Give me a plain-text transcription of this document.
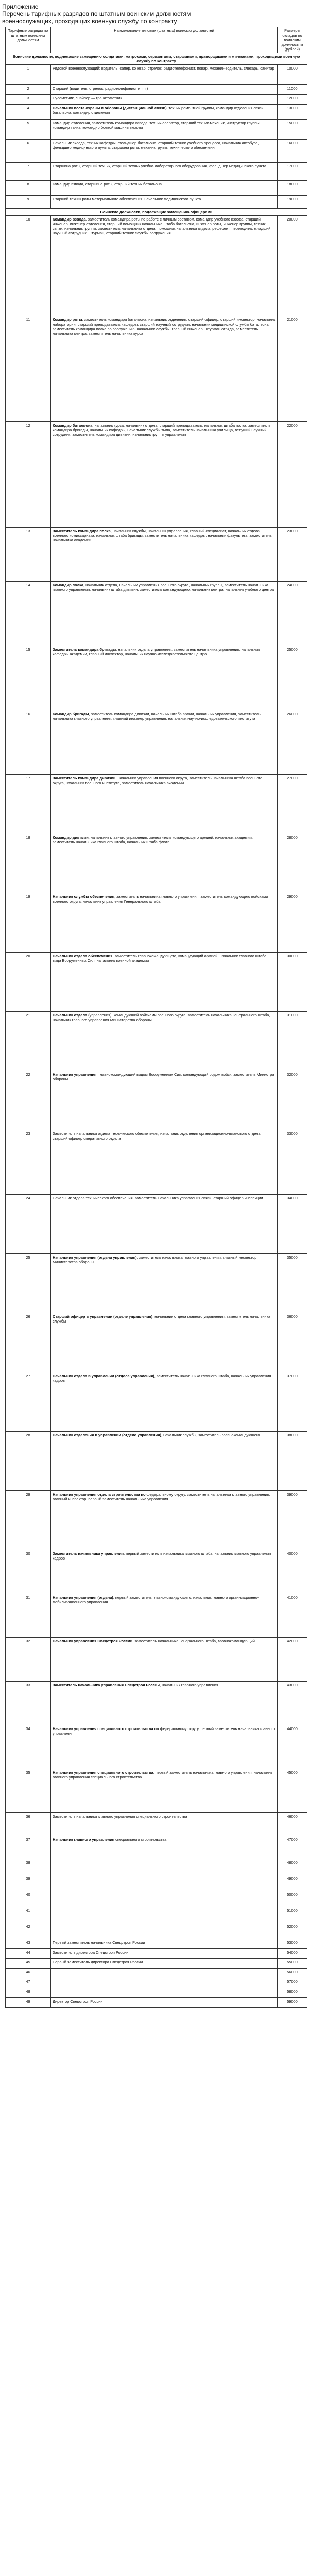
Приложение
Перечень тарифных разрядов по штатным воинским должностям
военнослужащих, проходящих военную службу по контракту
Тарифные разряды по штатным воинским должностям	Наименование типовых (штатных) воинских должностей	Размеры окладов по воинским должностям (рублей)
Воинские должности, подлежащие замещению солдатами, матросами, сержантами, старшинами, прапорщиками и мичманами, проходящими военную службу по контракту		
1	Рядовой военнослужащий: водитель, сапер, кочегар, стрелок, радиотелефонист, повар, механик-водитель, слесарь, санитар	10000
2	Старший (водитель, стрелок, радиотелефонист и т.п.)	11000
3	Пулеметчик, снайпер — гранатометчик	12000
4	Начальник поста охраны и обороны (дистанционной связи), техник ремонтной группы, командир отделения связи батальона, командир отделения	13000
5	Командир отделения, заместитель командира взвода, техник-оператор, старший техник-механик, инструктор группы, командир танка, командир боевой машины пехоты	15000
6	Начальник склада, техник кафедры, фельдшер батальона, старший техник учебного процесса, начальник автобуса, фельдшер медицинского пункта, старшина роты, механик группы технического обеспечения	16000
7	Старшина роты, старший техник, старший техник учебно-лабораторного оборудования, фельдшер медицинского пункта	17000
8	Командир взвода, старшина роты, старший техник батальона	18000
9	Старший техник роты материального обеспечения, начальник медицинского пункта	19000
Воинские должности, подлежащие замещению офицерами		
10	Командир взвода, заместитель командира роты по работе с личным составом, командир учебного взвода, старший инженер, инженер отделения, старший помощник начальника штаба батальона, инженер роты, инженер группы, техник связи, начальник группы, заместитель начальника отдела, помощник начальника отдела, референт, переводчик, младший научный сотрудник, штурман, старший техник службы вооружения	20000
11	Командир роты, заместитель командира батальона, начальник отделения, старший офицер, старший инспектор, начальник лаборатории, старший преподаватель кафедры, старший научный сотрудник, начальник медицинской службы батальона, заместитель командира полка по вооружению, начальник службы, главный инженер, штурман отряда, заместитель начальника центра, заместитель начальника курса	21000
12	Командир батальона, начальник курса, начальник отдела, старший преподаватель, начальник штаба полка, заместитель командира бригады, начальник кафедры, начальник службы тыла, заместитель начальника училища, ведущий научный сотрудник, заместитель командира дивизии, начальник группы управления	22000
13	Заместитель командира полка, начальник службы, начальник управления, главный специалист, начальник отдела военного комиссариата, начальник штаба бригады, заместитель начальника кафедры, начальник факультета, заместитель начальника академии	23000
14	Командир полка, начальник отдела, начальник управления военного округа, начальник группы, заместитель начальника главного управления, начальник штаба дивизии, заместитель командующего, начальник центра, начальник учебного центра	24000
15	Заместитель командира бригады, начальник отдела управления, заместитель начальника управления, начальник кафедры академии, главный инспектор, начальник научно-исследовательского центра	25000
16	Командир бригады, заместитель командира дивизии, начальник штаба армии, начальник управления, заместитель начальника главного управления, главный инженер управления, начальник научно-исследовательского института	26000
17	Заместитель командира дивизии, начальник управления военного округа, заместитель начальника штаба военного округа, начальник военного института, заместитель начальника академии	27000
18	Командир дивизии, начальник главного управления, заместитель командующего армией, начальник академии, заместитель начальника главного штаба, начальник штаба флота	28000
19	Начальник службы обеспечения, заместитель начальника главного управления, заместитель командующего войсками военного округа, начальник управления Генерального штаба	29000
20	Начальник отдела обеспечения, заместитель главнокомандующего, командующий армией, начальник главного штаба вида Вооруженных Сил, начальник военной академии	30000
21	Начальник отдела (управления), командующий войсками военного округа, заместитель начальника Генерального штаба, начальник главного управления Министерства обороны	31000
22	Начальник управления, главнокомандующий видом Вооруженных Сил, командующий родом войск, заместитель Министра обороны	32000
23	Заместитель начальника отдела технического обеспечения, начальник отделения организационно-планового отдела, старший офицер оперативного отдела	33000
24	Начальник отдела технического обеспечения, заместитель начальника управления связи, старший офицер инспекции	34000
25	Начальник управления (отдела управления), заместитель начальника главного управления, главный инспектор Министерства обороны	35000
26	Старший офицер в управлении (отделе управления), начальник отдела главного управления, заместитель начальника службы	36000
27	Начальник отдела в управлении (отделе управления), заместитель начальника главного штаба, начальник управления кадров	37000
28	Начальник отделения в управлении (отделе управления), начальник службы, заместитель главнокомандующего	38000
29	Начальник управления отдела строительства по федеральному округу, заместитель начальника главного управления, главный инспектор, первый заместитель начальника управления	39000
30	Заместитель начальника управления, первый заместитель начальника главного штаба, начальник главного управления кадров	40000
31	Начальник управления (отдела), первый заместитель главнокомандующего, начальник главного организационно-мобилизационного управления	41000
32	Начальник управления Спецстроя России, заместитель начальника Генерального штаба, главнокомандующий	42000
33	Заместитель начальника управления Спецстроя России, начальник главного управления	43000
34	Начальник управления специального строительства по федеральному округу, первый заместитель начальника главного управления	44000
35	Начальник управления специального строительства, первый заместитель начальника главного управления, начальник главного управления специального строительства	45000
36	Заместитель начальника главного управления специального строительства	46000
37	Начальник главного управления специального строительства	47000
38		48000
39		49000
40		50000
41		51000
42		52000
43	Первый заместитель начальника Спецстроя России	53000
44	Заместитель директора Спецстроя России	54000
45	Первый заместитель директора Спецстроя России	55000
46		56000
47		57000
48		58000
49	Директор Спецстроя России	59000
